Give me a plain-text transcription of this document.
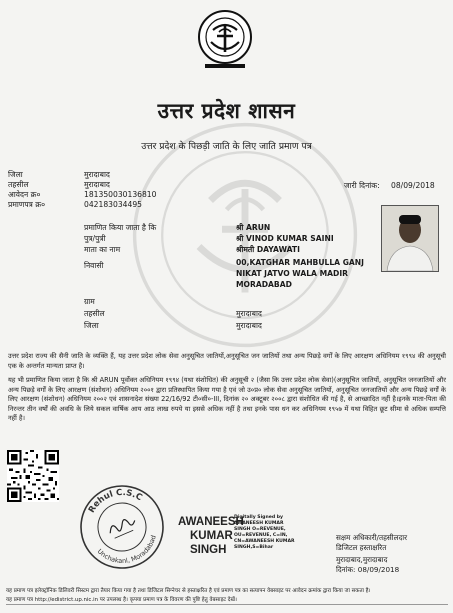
उत्तर प्रदेश शासन
उत्तर प्रदेश के पिछड़ी जाति के लिए जाति प्रमाण पत्र
जिला	मुरादाबाद
तहसील	मुरादाबाद
आवेदन क्र०	181350030136810
प्रमाणपत्र क्र०	042183034495
जारी दिनांक: 08/09/2018
प्रमाणित किया जाता है कि	श्री ARUN
पुत्र/पुत्री	श्री VINOD KUMAR SAINI
माता का नाम	श्रीमती DAYAWATI
निवासी	00,KATGHAR MAHBULLA GANJ
NIKAT JATVO WALA MADIR
MORADABAD
ग्राम
तहसील	मुरादाबाद
जिला	मुरादाबाद
उत्तर प्रदेश राज्य की सैनी जाति के व्यक्ति हैं, यह उत्तर प्रदेश लोक सेवा अनुसूचित जातियों,अनुसूचित जन जातियों तथा अन्य पिछड़े वर्गों के लिए आरक्षण अधिनियम १९९४ की अनुसूची एक के अन्तर्गत मान्यता प्राप्त है।
यह भी प्रमाणित किया जाता है कि श्री ARUN पूर्वोक्त अधिनियम १९९४ (यथा संशोधित) की अनुसूची २ (जैसा कि उत्तर प्रदेश लोक सेवा)(अनुसूचित जातियों, अनुसूचित जनजातियों और अन्य पिछड़े वर्गों के लिए आरक्षण (संशोधन) अधिनियम २००१ द्वारा प्रतिस्थापित किया गया है एवं जो उ०प्र० लोक सेवा अनुसूचित जातियों, अनुसूचित जनजातियों और अन्य पिछड़े वर्गों के लिए आरक्षण (संशोधन) अधिनियम २००२ एवं शासनादेश संख्या 22/16/92 टी०सी०-III, दिनांक २० अक्टूबर २००८ द्वारा संशोधित की गई है, से आच्छादित नहीं है।इनके माता-पिता की निरन्तर तीन वर्षों की अवधि के लिये सकल वार्षिक आय आठ लाख रुपये या इससे अधिक नहीं है तथा इनके पास धन कर अधिनियम १९५७ में यथा विहित छूट सीमा से अधिक सम्पत्ति नहीं है।
Rehul C.S.C
Unchakanl, Moradabad
AWANEESH
KUMAR
SINGH
Digitally Signed by
AWANEESH KUMAR
SINGH O=REVENUE,
OU=REVENUE, C=IN,
CN=AWANEESH KUMAR
SINGH,S=Bihar
सक्षम अधिकारी/तहसीलदार
डिजिटल हस्ताक्षरित
मुरादाबाद,मुरादाबाद
दिनांक: 08/09/2018
यह प्रमाण पत्र इलेक्ट्रॉनिक डिलिवरी सिस्टम द्वारा तैयार किया गया है तथा डिजिटल सिग्नेचर से हस्ताक्षरित है एवं प्रमाण पत्र का सत्यापन वेबसाइट पर आवेदन क्रमांक द्वारा किया जा सकता है।
यह प्रमाण पत्र http://edistrict.up.nic.in पर उपलब्ध है। कृपया प्रमाण पत्र के विवरण की पुष्टि हेतु वेबसाइट देखें।
